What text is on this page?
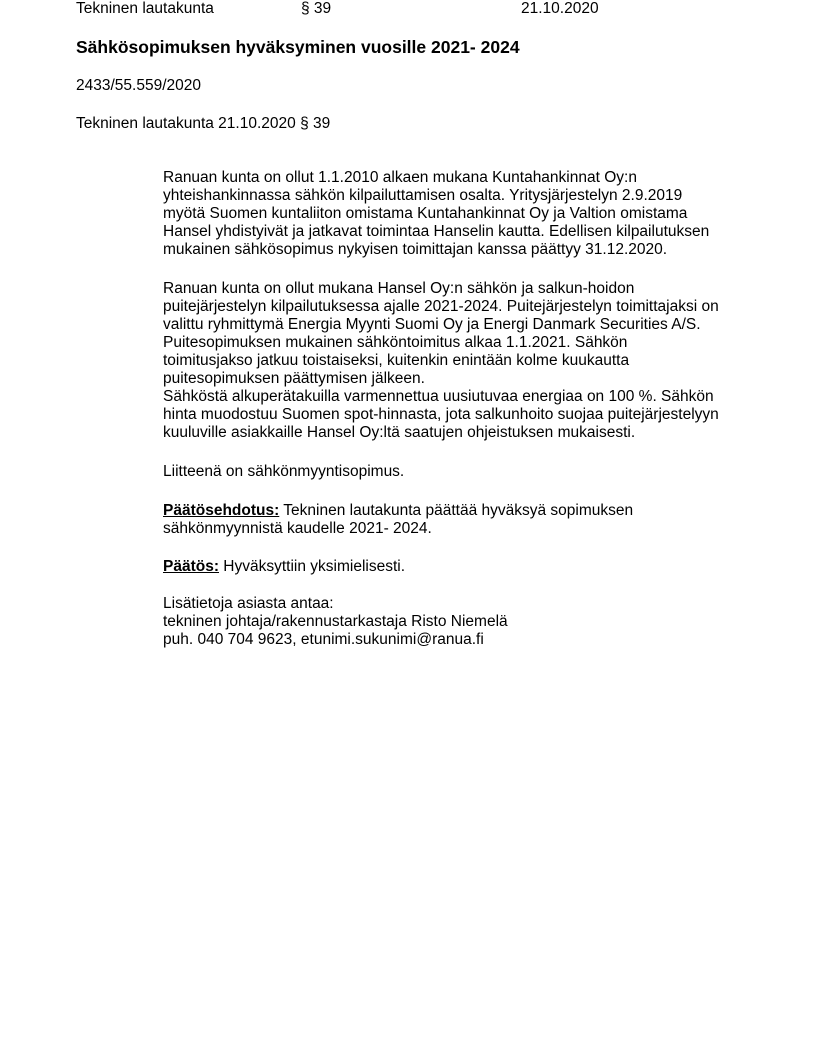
Tekninen lautakunta	§ 39	21.10.2020
Sähkösopimuksen hyväksyminen vuosille 2021- 2024
2433/55.559/2020
Tekninen lautakunta 21.10.2020 § 39
Ranuan kunta on ollut 1.1.2010 alkaen mukana Kuntahankinnat Oy:n
yhteishankinnassa sähkön kilpailuttamisen osalta. Yritysjärjestelyn 2.9.2019
myötä Suomen kuntaliiton omistama Kuntahankinnat Oy ja Valtion omistama
Hansel yhdistyivät ja jatkavat toimintaa Hanselin kautta. Edellisen kilpailutuksen
mukainen sähkösopimus nykyisen toimittajan kanssa päättyy 31.12.2020.
Ranuan kunta on ollut mukana Hansel Oy:n sähkön ja salkun-hoidon
puitejärjestelyn kilpailutuksessa ajalle 2021-2024. Puitejärjestelyn toimittajaksi on
valittu ryhmittymä Energia Myynti Suomi Oy ja Energi Danmark Securities A/S.
Puitesopimuksen mukainen sähköntoimitus alkaa 1.1.2021. Sähkön
toimitusjakso jatkuu toistaiseksi, kuitenkin enintään kolme kuukautta
puitesopimuksen päättymisen jälkeen.
Sähköstä alkuperätakuilla varmennettua uusiutuvaa energiaa on 100 %. Sähkön
hinta muodostuu Suomen spot-hinnasta, jota salkunhoito suojaa puitejärjestelyyn
kuuluville asiakkaille Hansel Oy:ltä saatujen ohjeistuksen mukaisesti.
Liitteenä on sähkönmyyntisopimus.
Päätösehdotus: Tekninen lautakunta päättää hyväksyä sopimuksen
sähkönmyynnistä kaudelle 2021- 2024.
Päätös: Hyväksyttiin yksimielisesti.
Lisätietoja asiasta antaa:
tekninen johtaja/rakennustarkastaja Risto Niemelä
puh. 040 704 9623, etunimi.sukunimi@ranua.fi
